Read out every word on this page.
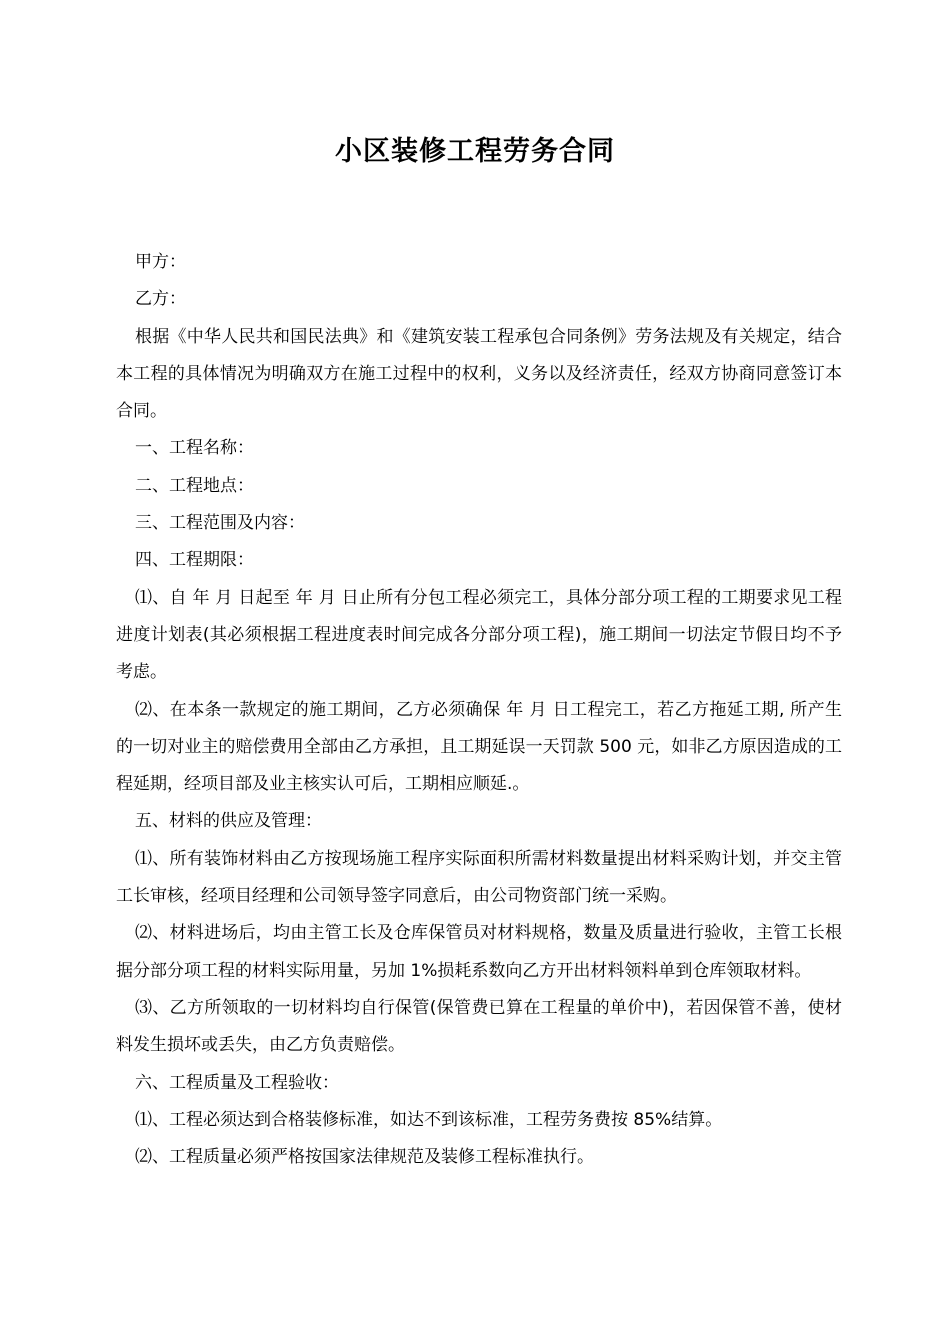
小区装修工程劳务合同

甲方：

乙方：

根据《中华人民共和国民法典》和《建筑安装工程承包合同条例》劳务法规及有关规定，结合本工程的具体情况为明确双方在施工过程中的权利，义务以及经济责任，经双方协商同意签订本合同。

一、工程名称：

二、工程地点：

三、工程范围及内容：

四、工程期限：

⑴、自 年 月 日起至 年 月 日止所有分包工程必须完工，具体分部分项工程的工期要求见工程进度计划表(其必须根据工程进度表时间完成各分部分项工程)，施工期间一切法定节假日均不予考虑。

⑵、在本条一款规定的施工期间，乙方必须确保 年 月 日工程完工，若乙方拖延工期, 所产生的一切对业主的赔偿费用全部由乙方承担，且工期延误一天罚款 500 元，如非乙方原因造成的工程延期，经项目部及业主核实认可后，工期相应顺延.。

五、材料的供应及管理：

⑴、所有装饰材料由乙方按现场施工程序实际面积所需材料数量提出材料采购计划，并交主管工长审核，经项目经理和公司领导签字同意后，由公司物资部门统一采购。

⑵、材料进场后，均由主管工长及仓库保管员对材料规格，数量及质量进行验收，主管工长根据分部分项工程的材料实际用量，另加 1%损耗系数向乙方开出材料领料单到仓库领取材料。

⑶、乙方所领取的一切材料均自行保管(保管费已算在工程量的单价中)，若因保管不善，使材料发生损坏或丢失，由乙方负责赔偿。

六、工程质量及工程验收：

⑴、工程必须达到合格装修标准，如达不到该标准，工程劳务费按 85%结算。

⑵、工程质量必须严格按国家法律规范及装修工程标准执行。
